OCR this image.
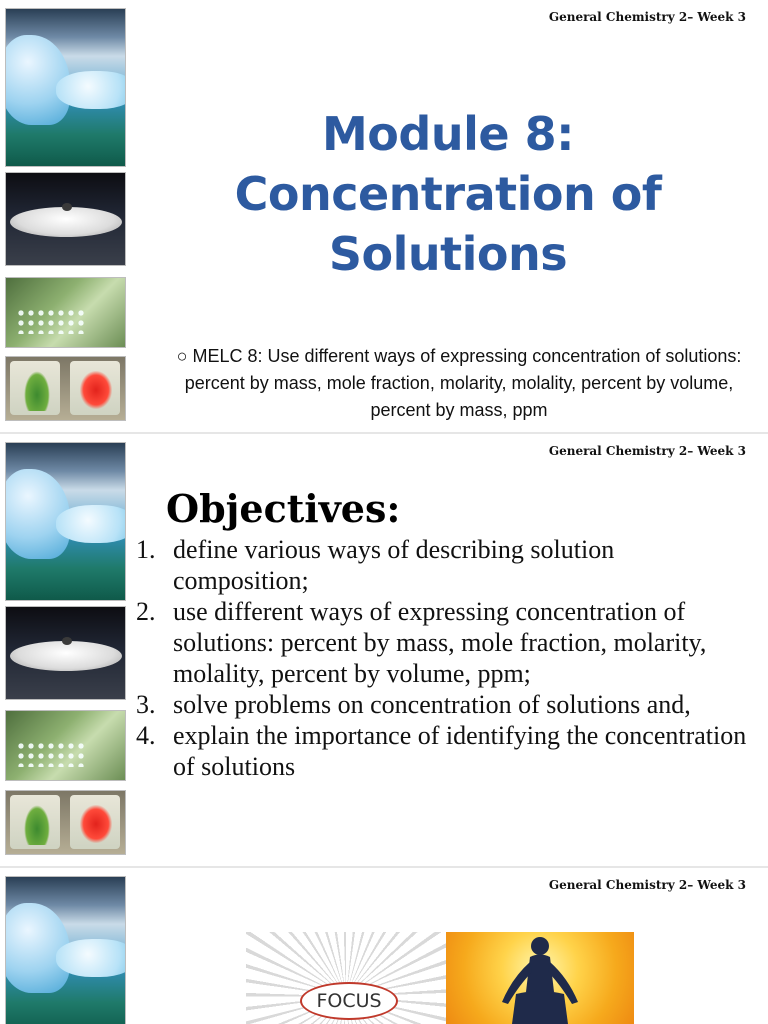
General Chemistry 2– Week 3
Module 8:
Concentration of
Solutions
○ MELC 8: Use different ways of expressing concentration of solutions: percent by mass, mole fraction, molarity, molality, percent by volume, percent by mass, ppm
General Chemistry 2– Week 3
Objectives:
1. define various ways of describing solution composition;
2. use different ways of expressing concentration of solutions: percent by mass, mole fraction, molarity, molality, percent by volume, ppm;
3. solve problems on concentration of solutions and,
4. explain the importance of identifying the concentration of solutions
General Chemistry 2– Week 3
FOCUS
